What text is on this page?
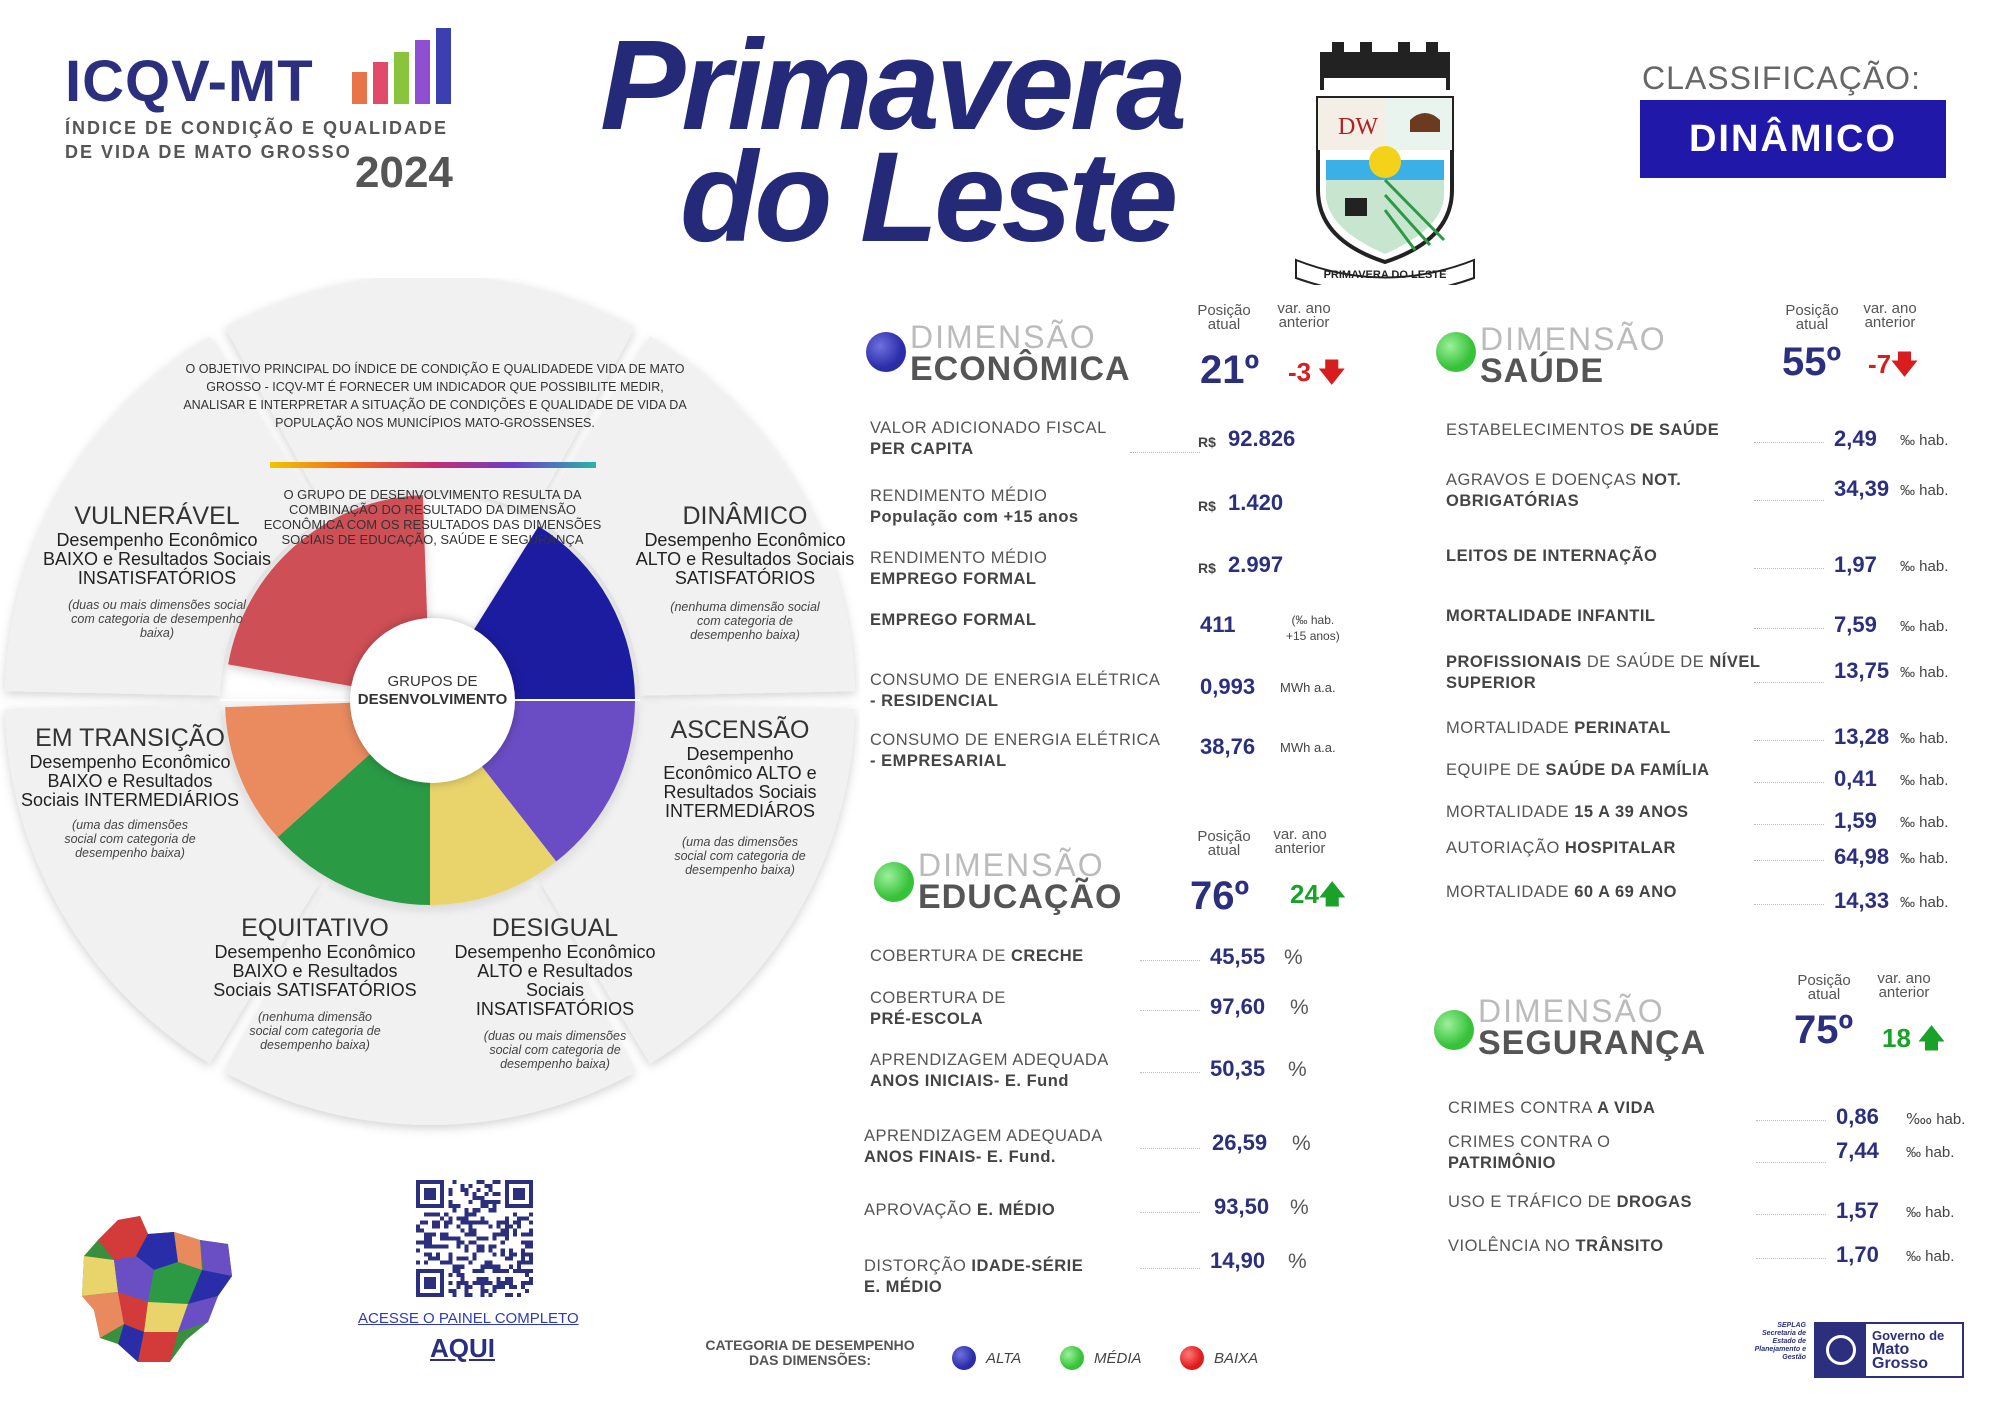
ICQV-MT
ÍNDICE DE CONDIÇÃO E QUALIDADE DE VIDA DE MATO GROSSO 2024
Primavera
do Leste	DW
PRIMAVERA DO LESTE
CLASSIFICAÇÃO:
DINÂMICO
O OBJETIVO PRINCIPAL DO ÍNDICE DE CONDIÇÃO E QUALIDADEDE VIDA DE MATO GROSSO - ICQV-MT É FORNECER UM INDICADOR QUE POSSIBILITE MEDIR, ANALISAR E INTERPRETAR A SITUAÇÃO DE CONDIÇÕES E QUALIDADE DE VIDA DA POPULAÇÃO NOS MUNICÍPIOS MATO-GROSSENSES.
O GRUPO DE DESENVOLVIMENTO RESULTA DA COMBINAÇÃO DO RESULTADO DA DIMENSÃO ECONÔMICA COM OS RESULTADOS DAS DIMENSÕES SOCIAIS DE EDUCAÇÃO, SAÚDE E SEGURANÇA
GRUPOS DE
DESENVOLVIMENTO
VULNERÁVEL
Desempenho Econômico BAIXO e Resultados Sociais INSATISFATÓRIOS
(duas ou mais dimensões social com categoria de desempenho baixa)
DINÂMICO
Desempenho Econômico ALTO e Resultados Sociais SATISFATÓRIOS
(nenhuma dimensão social com categoria de desempenho baixa)
EM TRANSIÇÃO
Desempenho Econômico BAIXO e Resultados Sociais INTERMEDIÁRIOS
(uma das dimensões social com categoria de desempenho baixa)
ASCENSÃO
Desempenho Econômico ALTO e Resultados Sociais INTERMEDIÁROS
(uma das dimensões social com categoria de desempenho baixa)
EQUITATIVO
Desempenho Econômico BAIXO e Resultados Sociais SATISFATÓRIOS
(nenhuma dimensão social com categoria de desempenho baixa)
DESIGUAL
Desempenho Econômico ALTO e Resultados Sociais INSATISFATÓRIOS
(duas ou mais dimensões social com categoria de desempenho baixa)
ACESSE O PAINEL COMPLETO
AQUI	CATEGORIA DE DESEMPENHO DAS DIMENSÕES:	ALTA	MÉDIA	BAIXA
SEPLAG Secretaria de Estado de Planejamento e Gestão
Governo de
Mato
Grosso
DIMENSÃO
ECONÔMICA
Posição atual
var. ano anterior
21º -3 🡇
VALOR ADICIONADO FISCAL
PER CAPITA	R$ 92.826
RENDIMENTO MÉDIO
População com +15 anos
R$ 1.420
RENDIMENTO MÉDIO
EMPREGO FORMAL
R$ 2.997
EMPREGO FORMAL	411	(‰ hab.
+15 anos)
CONSUMO DE ENERGIA ELÉTRICA
- RESIDENCIAL
0,993 MWh a.a.
CONSUMO DE ENERGIA ELÉTRICA
- EMPRESARIAL
38,76 MWh a.a.
DIMENSÃO
EDUCAÇÃO
Posição atual
var. ano anterior
76º 24🡅
COBERTURA DE CRECHE	45,55 %
COBERTURA DE
PRÉ-ESCOLA	97,60 %
APRENDIZAGEM ADEQUADA
ANOS INICIAIS- E. Fund	50,35 %
APRENDIZAGEM ADEQUADA
ANOS FINAIS- E. Fund.
26,59 %
APROVAÇÃO E. MÉDIO	93,50 %
DISTORÇÃO IDADE-SÉRIE
E. MÉDIO
14,90 %
DIMENSÃO
SAÚDE
Posição atual
var. ano anterior
55º -7🡇
ESTABELECIMENTOS DE SAÚDE	2,49 ‰ hab.
AGRAVOS E DOENÇAS NOT.
OBRIGATÓRIAS	34,39 ‰ hab.
LEITOS DE INTERNAÇÃO	1,97 ‰ hab.
MORTALIDADE INFANTIL	7,59 ‰ hab.
PROFISSIONAIS DE SAÚDE DE NÍVEL
SUPERIOR	13,75 ‰ hab.
MORTALIDADE PERINATAL	13,28 ‰ hab.
EQUIPE DE SAÚDE DA FAMÍLIA	0,41 ‰ hab.
MORTALIDADE 15 A 39 ANOS	1,59 ‰ hab.
AUTORIAÇÃO HOSPITALAR	64,98 ‰ hab.
MORTALIDADE 60 A 69 ANO	14,33 ‰ hab.
DIMENSÃO
SEGURANÇA
Posição atual
var. ano anterior
75º 18 🡅
CRIMES CONTRA A VIDA	0,86 ‱ hab.
CRIMES CONTRA O
PATRIMÔNIO	7,44 ‰ hab.
USO E TRÁFICO DE DROGAS	1,57 ‰ hab.
VIOLÊNCIA NO TRÂNSITO	1,70 ‰ hab.
